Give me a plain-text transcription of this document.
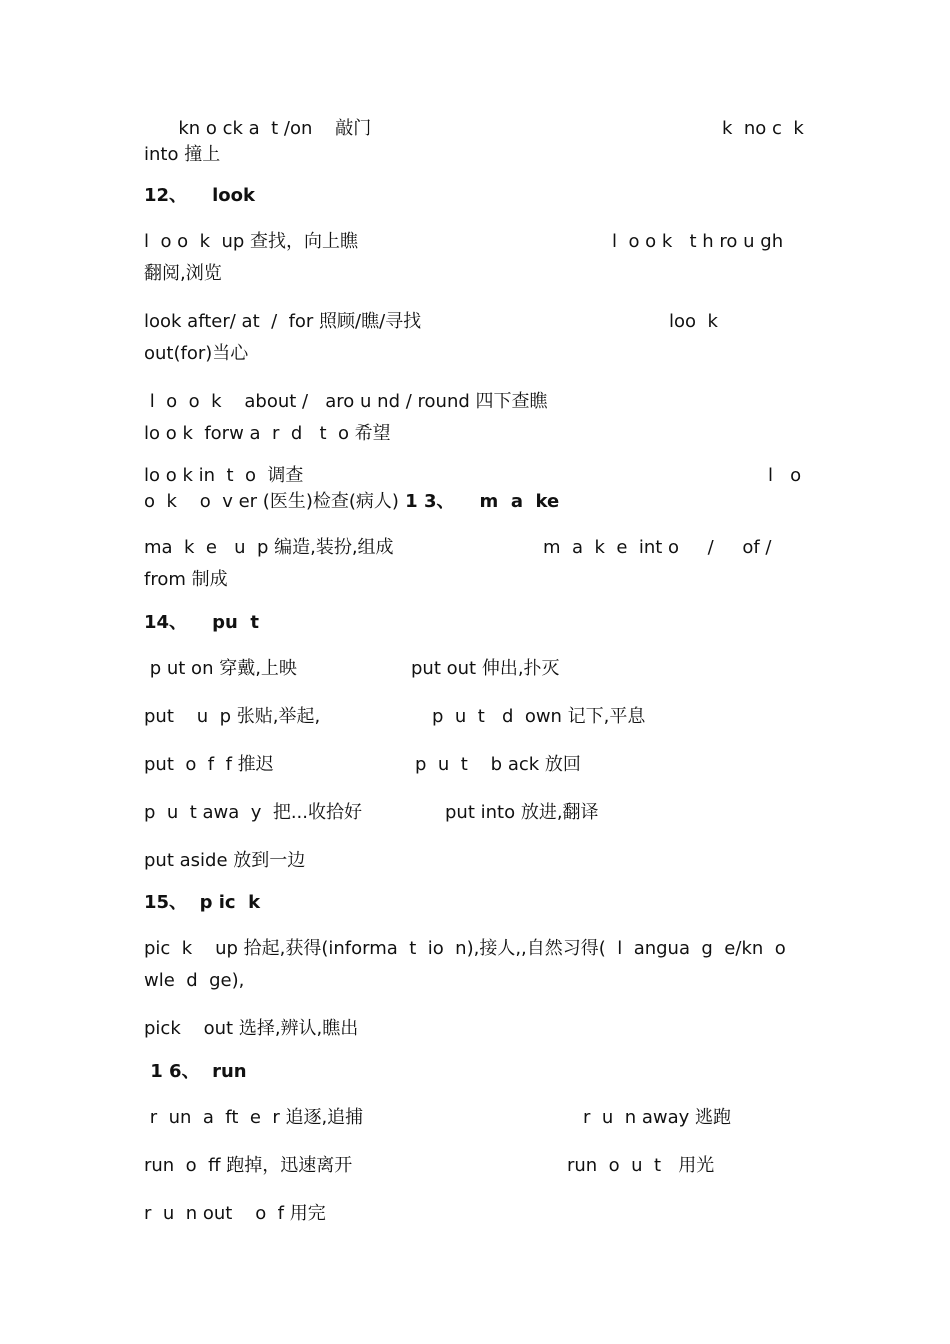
kn o ck a  t /on    敲门	k  no c  k
into 撞上
12、    look
l  o o  k  up 查找，向上瞧	l  o o k   t h ro u gh
翻阅,浏览
look after/ at  /  for 照顾/瞧/寻找	loo  k
out(for)当心
l  o  o  k    about /   aro u nd / round 四下查瞧
lo o k  forw a  r  d   t  o 希望
lo o k in  t  o  调查	l   o
o  k    o  v er (医生)检查(病人) 1 3、    m  a  ke
ma  k  e   u  p 编造,装扮,组成	m  a  k  e  int o     /     of /
from 制成
14、    pu  t
p ut on 穿戴,上映	put out 伸出,扑灭
put    u  p 张贴,举起,	p  u  t   d  own 记下,平息
put  o  f  f 推迟	p  u  t    b ack 放回
p  u  t awa  y  把...收拾好	put into 放进,翻译
put aside 放到一边
15、  p ic  k
pic  k    up 拾起,获得(informa  t  io  n),接人,,自然习得(  l  angua  g  e/kn  o
wle  d  ge),
pick    out 选择,辨认,瞧出
1 6、  run
r  un  a  ft  e  r 追逐,追捕	r  u  n away 逃跑
run  o  ff 跑掉，迅速离开	run  o  u  t   用光
r  u  n out    o  f 用完
